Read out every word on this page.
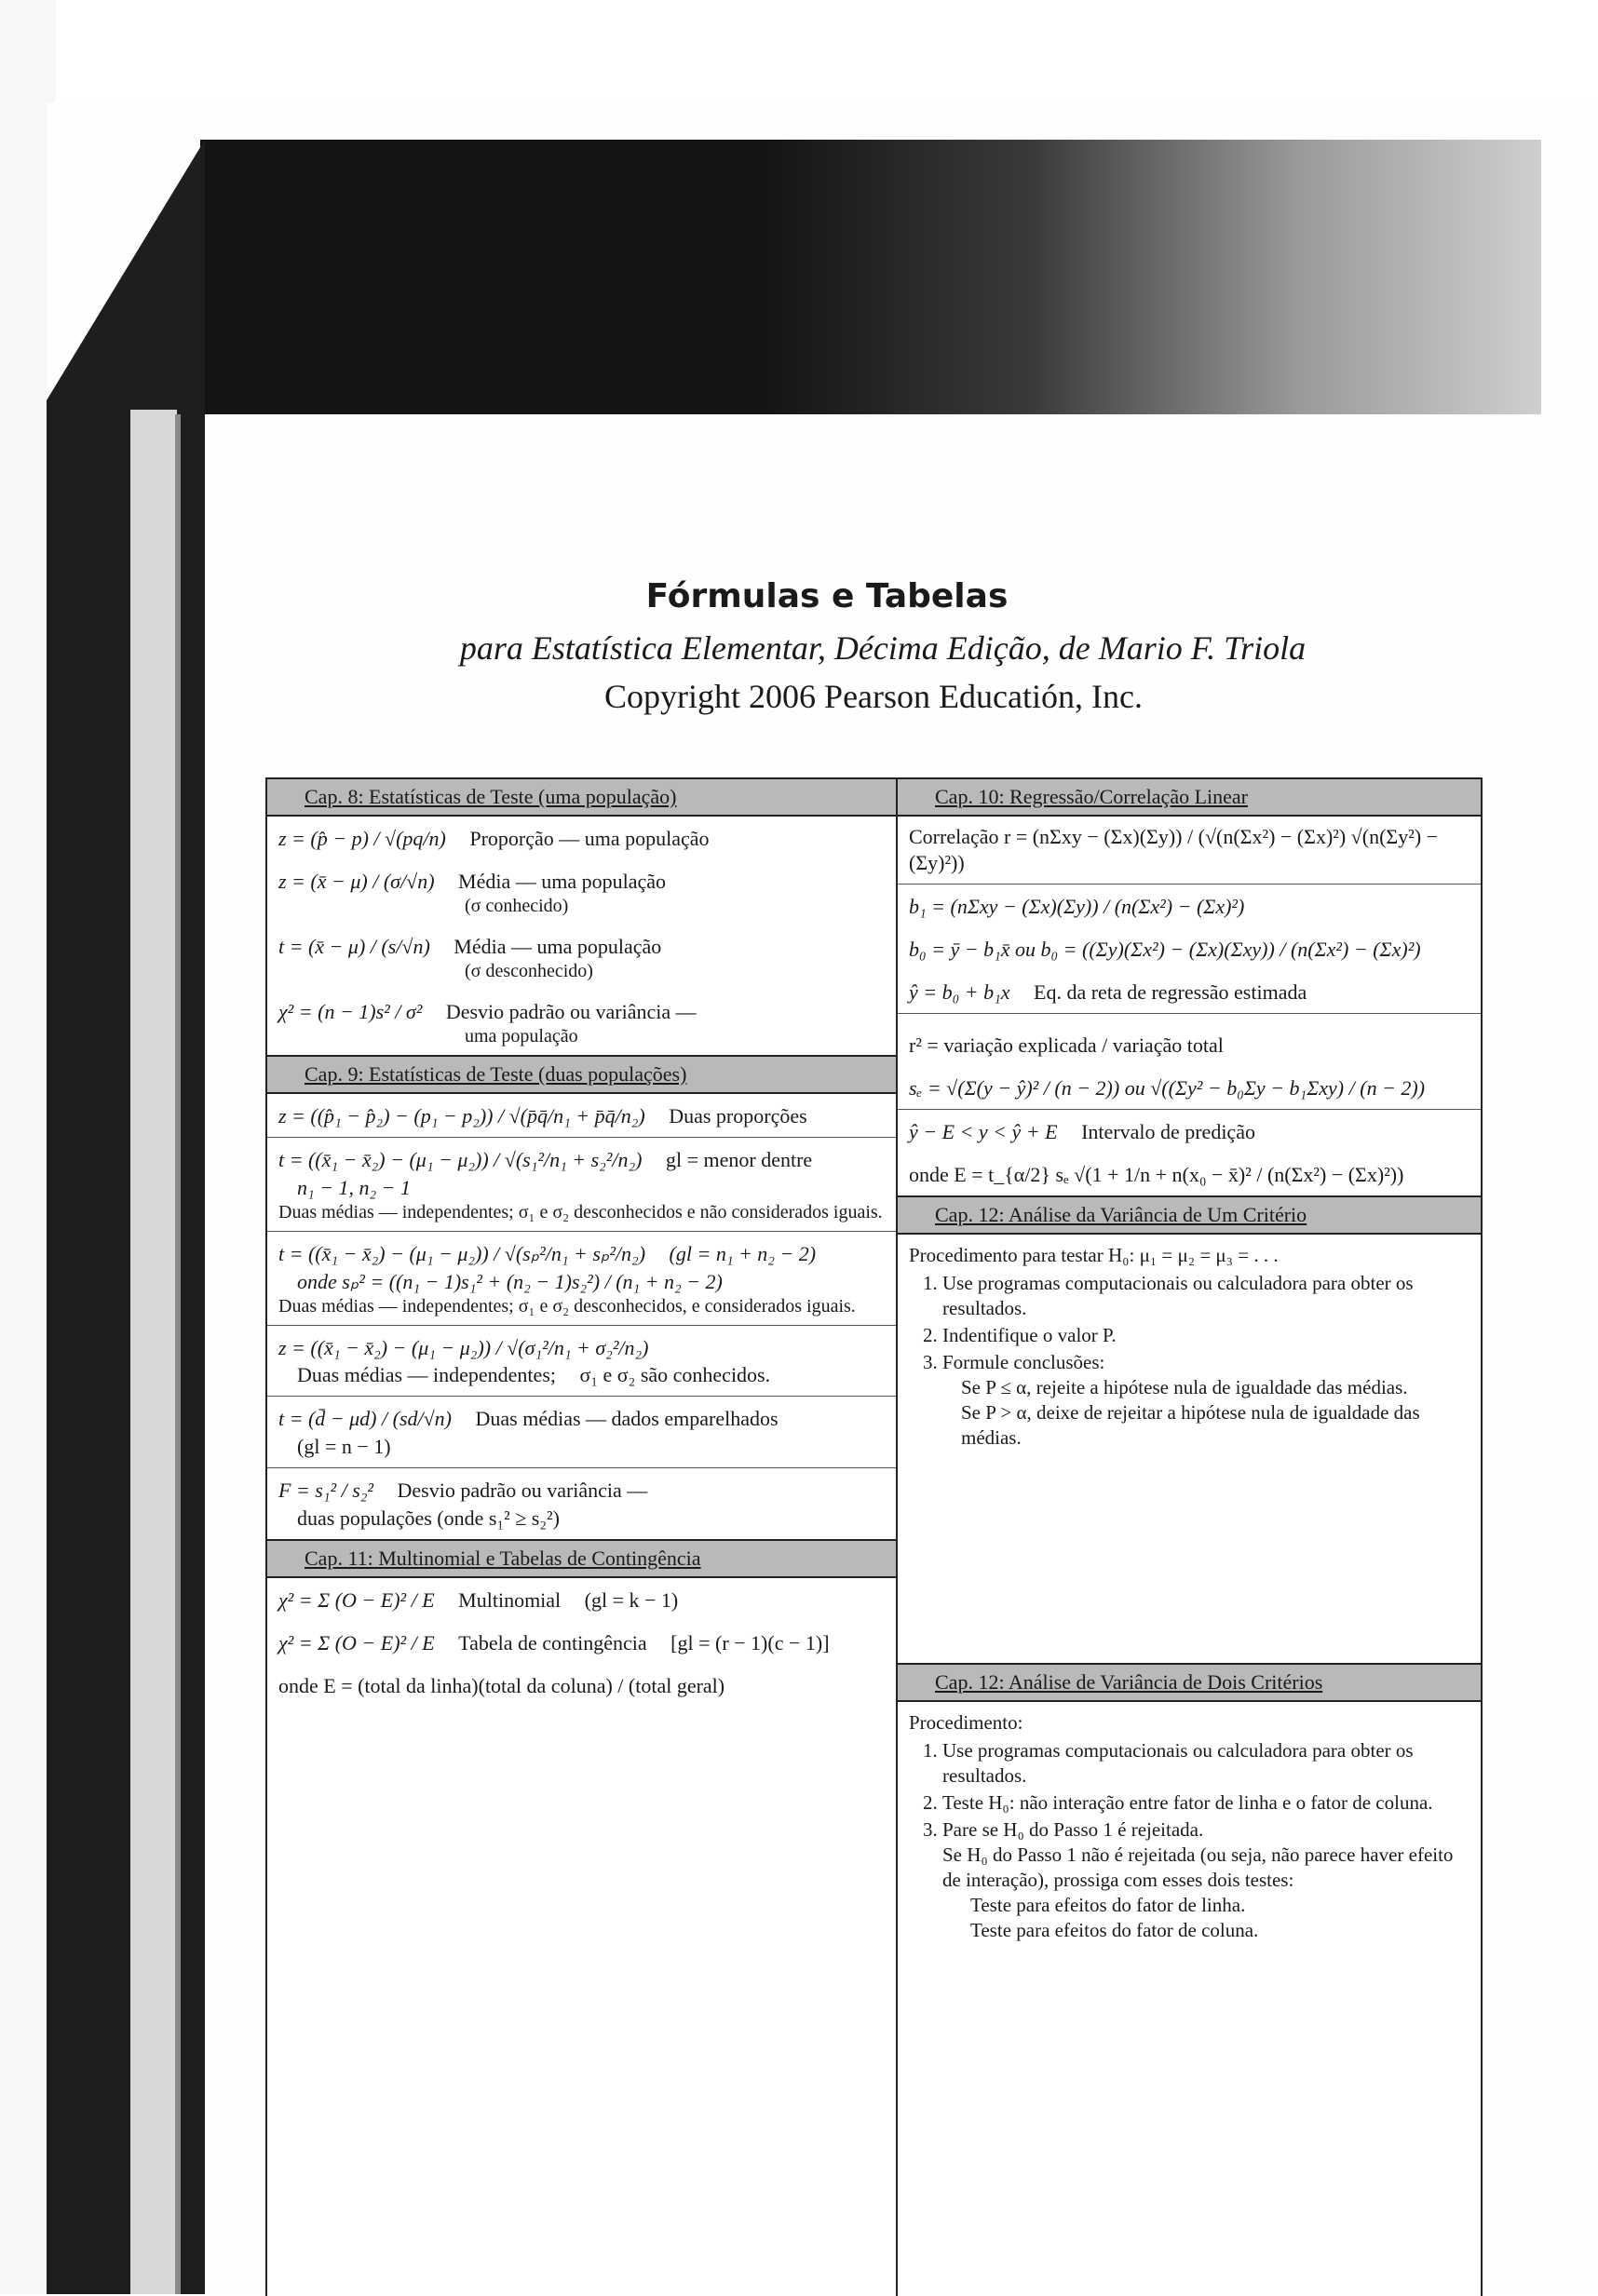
Fórmulas e Tabelas
para Estatística Elementar, Décima Edição, de Mario F. Triola
Copyright 2006 Pearson Educatión, Inc.
Cap. 8: Estatísticas de Teste (uma população)
z = (p̂ − p) / √(pq/n) Proporção — uma população
z = (x̄ − μ) / (σ/√n) Média — uma população
(σ conhecido)
t = (x̄ − μ) / (s/√n) Média — uma população
(σ desconhecido)
χ² = (n − 1)s² / σ² Desvio padrão ou variância —
uma população
Cap. 9: Estatísticas de Teste (duas populações)
z = ((p̂₁ − p̂₂) − (p₁ − p₂)) / √(p̄q̄/n₁ + p̄q̄/n₂) Duas proporções
t = ((x̄₁ − x̄₂) − (μ₁ − μ₂)) / √(s₁²/n₁ + s₂²/n₂) gl = menor dentre n₁ − 1, n₂ − 1
Duas médias — independentes; σ₁ e σ₂ desconhecidos e não considerados iguais.
t = ((x̄₁ − x̄₂) − (μ₁ − μ₂)) / √(sₚ²/n₁ + sₚ²/n₂) (gl = n₁ + n₂ − 2) onde sₚ² = ((n₁ − 1)s₁² + (n₂ − 1)s₂²) / (n₁ + n₂ − 2)
Duas médias — independentes; σ₁ e σ₂ desconhecidos, e considerados iguais.
z = ((x̄₁ − x̄₂) − (μ₁ − μ₂)) / √(σ₁²/n₁ + σ₂²/n₂) Duas médias — independentes; σ₁ e σ₂ são conhecidos.
t = (d̄ − μd) / (sd/√n) Duas médias — dados emparelhados (gl = n − 1)
F = s₁² / s₂² Desvio padrão ou variância — duas populações (onde s₁² ≥ s₂²)
Cap. 11: Multinomial e Tabelas de Contingência
χ² = Σ (O − E)² / E Multinomial (gl = k − 1)
χ² = Σ (O − E)² / E Tabela de contingência [gl = (r − 1)(c − 1)]
onde E = (total da linha)(total da coluna) / (total geral)
Cap. 10: Regressão/Correlação Linear
Correlação r = (nΣxy − (Σx)(Σy)) / (√(n(Σx²) − (Σx)²) √(n(Σy²) − (Σy)²))
b₁ = (nΣxy − (Σx)(Σy)) / (n(Σx²) − (Σx)²)
b₀ = ȳ − b₁x̄ ou b₀ = ((Σy)(Σx²) − (Σx)(Σxy)) / (n(Σx²) − (Σx)²)
ŷ = b₀ + b₁x Eq. da reta de regressão estimada
r² = variação explicada / variação total
sₑ = √(Σ(y − ŷ)² / (n − 2)) ou √((Σy² − b₀Σy − b₁Σxy) / (n − 2))
ŷ − E < y < ŷ + E Intervalo de predição
onde E = t_{α/2} sₑ √(1 + 1/n + n(x₀ − x̄)² / (n(Σx²) − (Σx)²))
Cap. 12: Análise da Variância de Um Critério
Procedimento para testar H₀: μ₁ = μ₂ = μ₃ = . . .
1. Use programas computacionais ou calculadora para obter os resultados.
2. Indentifique o valor P.
3. Formule conclusões:
Se P ≤ α, rejeite a hipótese nula de igualdade das médias.
Se P > α, deixe de rejeitar a hipótese nula de igualdade das médias.
Cap. 12: Análise de Variância de Dois Critérios
Procedimento:
1. Use programas computacionais ou calculadora para obter os resultados.
2. Teste H₀: não interação entre fator de linha e o fator de coluna.
3. Pare se H₀ do Passo 1 é rejeitada.
Se H₀ do Passo 1 não é rejeitada (ou seja, não parece haver efeito de interação), prossiga com esses dois testes:
Teste para efeitos do fator de linha.
Teste para efeitos do fator de coluna.
